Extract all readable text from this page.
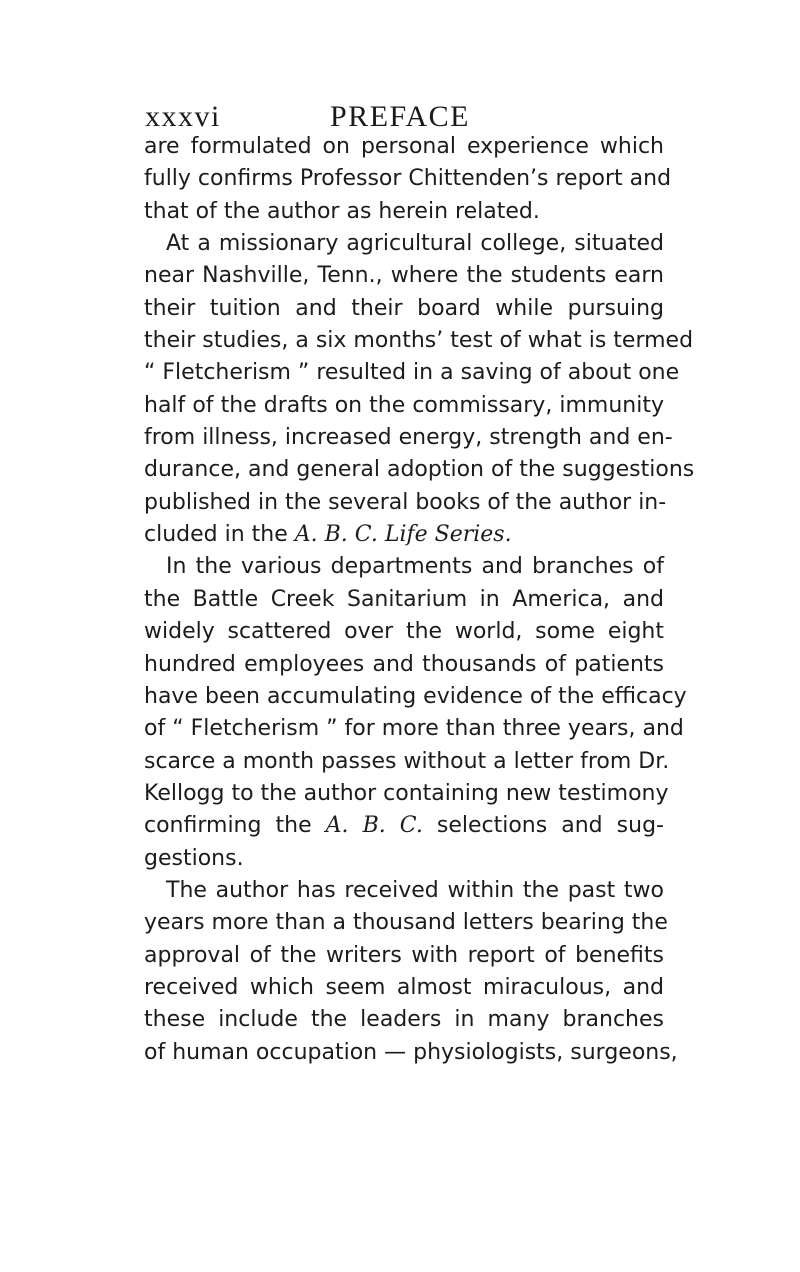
xxxvi	PREFACE
are formulated on personal experience which
fully confirms Professor Chittenden’s report and
that of the author as herein related.
At a missionary agricultural college, situated
near Nashville, Tenn., where the students earn
their tuition and their board while pursuing
their studies, a six months’ test of what is termed
“ Fletcherism ” resulted in a saving of about one
half of the drafts on the commissary, immunity
from illness, increased energy, strength and en-
durance, and general adoption of the suggestions
published in the several books of the author in-
cluded in the A. B. C. Life Series.
In the various departments and branches of
the Battle Creek Sanitarium in America, and
widely scattered over the world, some eight
hundred employees and thousands of patients
have been accumulating evidence of the efficacy
of “ Fletcherism ” for more than three years, and
scarce a month passes without a letter from Dr.
Kellogg to the author containing new testimony
confirming the A. B. C. selections and sug-
gestions.
The author has received within the past two
years more than a thousand letters bearing the
approval of the writers with report of benefits
received which seem almost miraculous, and
these include the leaders in many branches
of human occupation — physiologists, surgeons,
